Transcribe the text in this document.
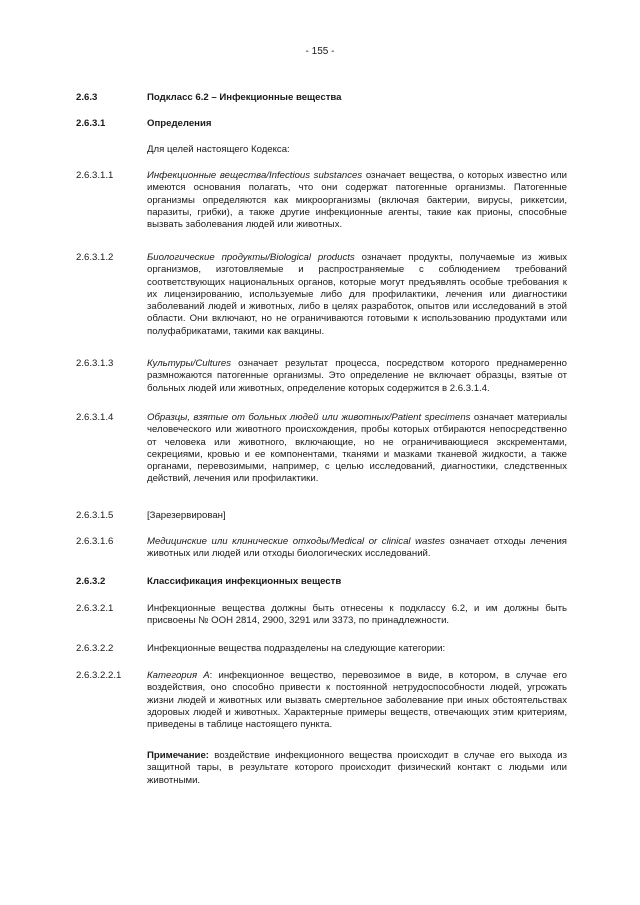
- 155 -
2.6.3	Подкласс 6.2 – Инфекционные вещества
2.6.3.1	Определения
Для целей настоящего Кодекса:
2.6.3.1.1	Инфекционные вещества/Infectious substances означает вещества, о которых известно или имеются основания полагать, что они содержат патогенные организмы. Патогенные организмы определяются как микроорганизмы (включая бактерии, вирусы, риккетсии, паразиты, грибки), а также другие инфекционные агенты, такие как прионы, способные вызвать заболевания людей или животных.
2.6.3.1.2	Биологические продукты/Biological products означает продукты, получаемые из живых организмов, изготовляемые и распространяемые с соблюдением требований соответствующих национальных органов, которые могут предъявлять особые требования к их лицензированию, используемые либо для профилактики, лечения или диагностики заболеваний людей и животных, либо в целях разработок, опытов или исследований в этой области. Они включают, но не ограничиваются готовыми к использованию продуктами или полуфабрикатами, такими как вакцины.
2.6.3.1.3	Культуры/Cultures означает результат процесса, посредством которого преднамеренно размножаются патогенные организмы. Это определение не включает образцы, взятые от больных людей или животных, определение которых содержится в 2.6.3.1.4.
2.6.3.1.4	Образцы, взятые от больных людей или животных/Patient specimens означает материалы человеческого или животного происхождения, пробы которых отбираются непосредственно от человека или животного, включающие, но не ограничивающиеся экскрементами, секрециями, кровью и ее компонентами, тканями и мазками тканевой жидкости, а также органами, перевозимыми, например, с целью исследований, диагностики, следственных действий, лечения или профилактики.
2.6.3.1.5	[Зарезервирован]
2.6.3.1.6	Медицинские или клинические отходы/Medical or clinical wastes означает отходы лечения животных или людей или отходы биологических исследований.
2.6.3.2	Классификация инфекционных веществ
2.6.3.2.1	Инфекционные вещества должны быть отнесены к подклассу 6.2, и им должны быть присвоены № ООН 2814, 2900, 3291 или 3373, по принадлежности.
2.6.3.2.2	Инфекционные вещества подразделены на следующие категории:
2.6.3.2.2.1	Категория А: инфекционное вещество, перевозимое в виде, в котором, в случае его воздействия, оно способно привести к постоянной нетрудоспособности людей, угрожать жизни людей и животных или вызвать смертельное заболевание при иных обстоятельствах здоровых людей и животных. Характерные примеры веществ, отвечающих этим критериям, приведены в таблице настоящего пункта.
Примечание: воздействие инфекционного вещества происходит в случае его выхода из защитной тары, в результате которого происходит физический контакт с людьми или животными.
